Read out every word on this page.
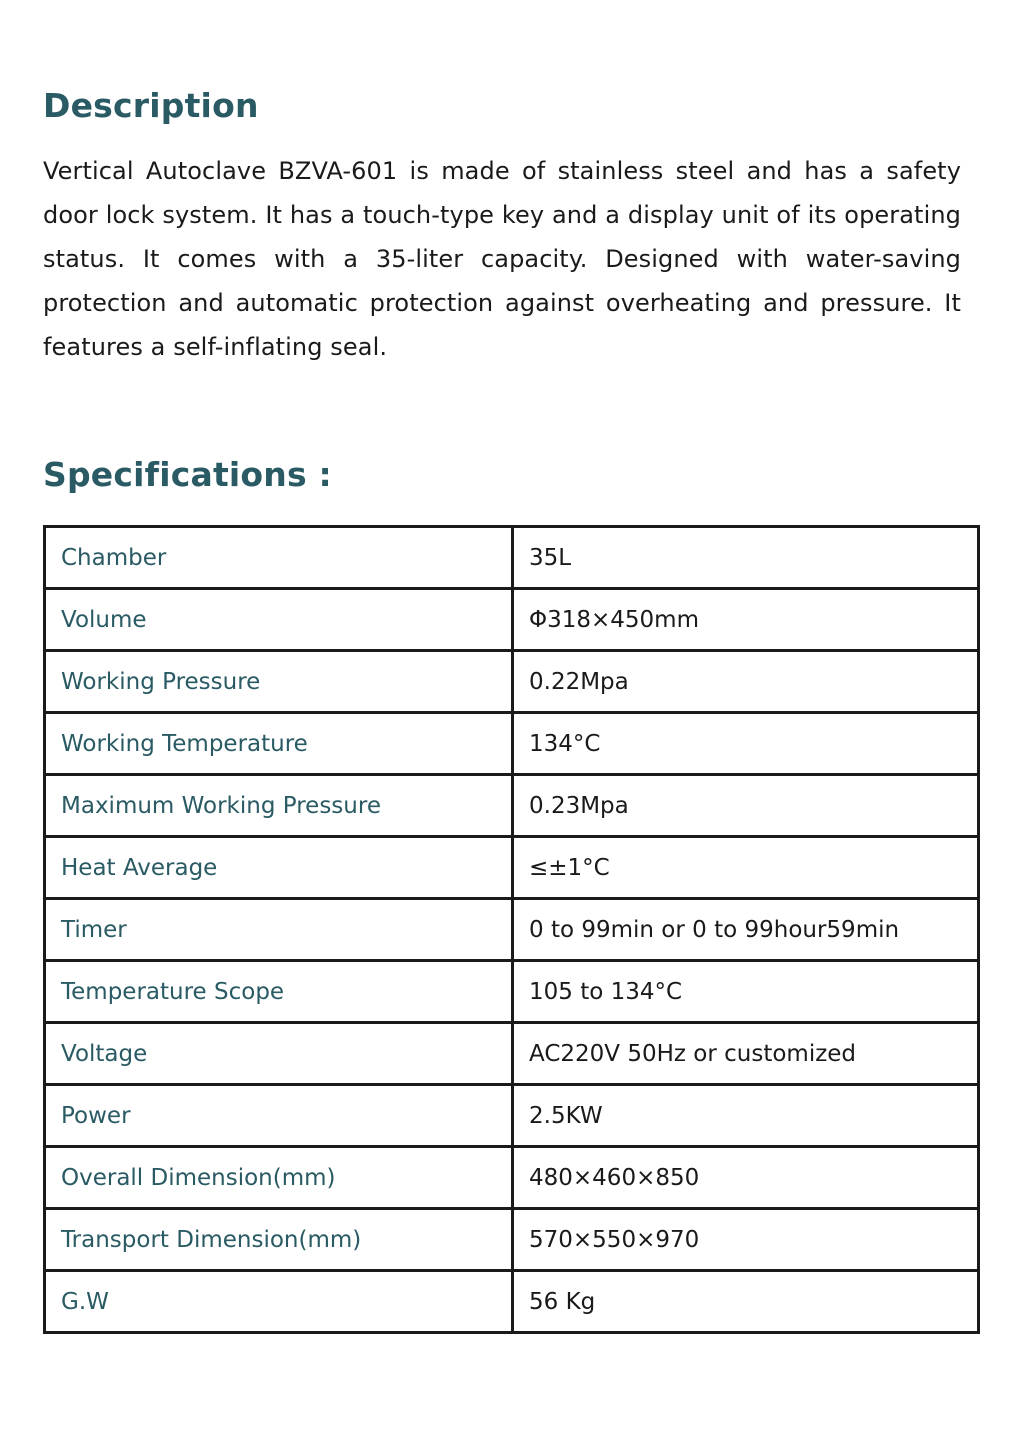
Description

Vertical Autoclave BZVA-601 is made of stainless steel and has a safety door lock system. It has a touch-type key and a display unit of its operating status. It comes with a 35-liter capacity. Designed with water-saving protection and automatic protection against overheating and pressure. It features a self-inflating seal.

Specifications :
Chamber	35L
Volume	Φ318×450mm
Working Pressure	0.22Mpa
Working Temperature	134°C
Maximum Working Pressure	0.23Mpa
Heat Average	≤±1°C
Timer	0 to 99min or 0 to 99hour59min
Temperature Scope	105 to 134°C
Voltage	AC220V 50Hz or customized
Power	2.5KW
Overall Dimension(mm)	480×460×850
Transport Dimension(mm)	570×550×970
G.W	56 Kg
